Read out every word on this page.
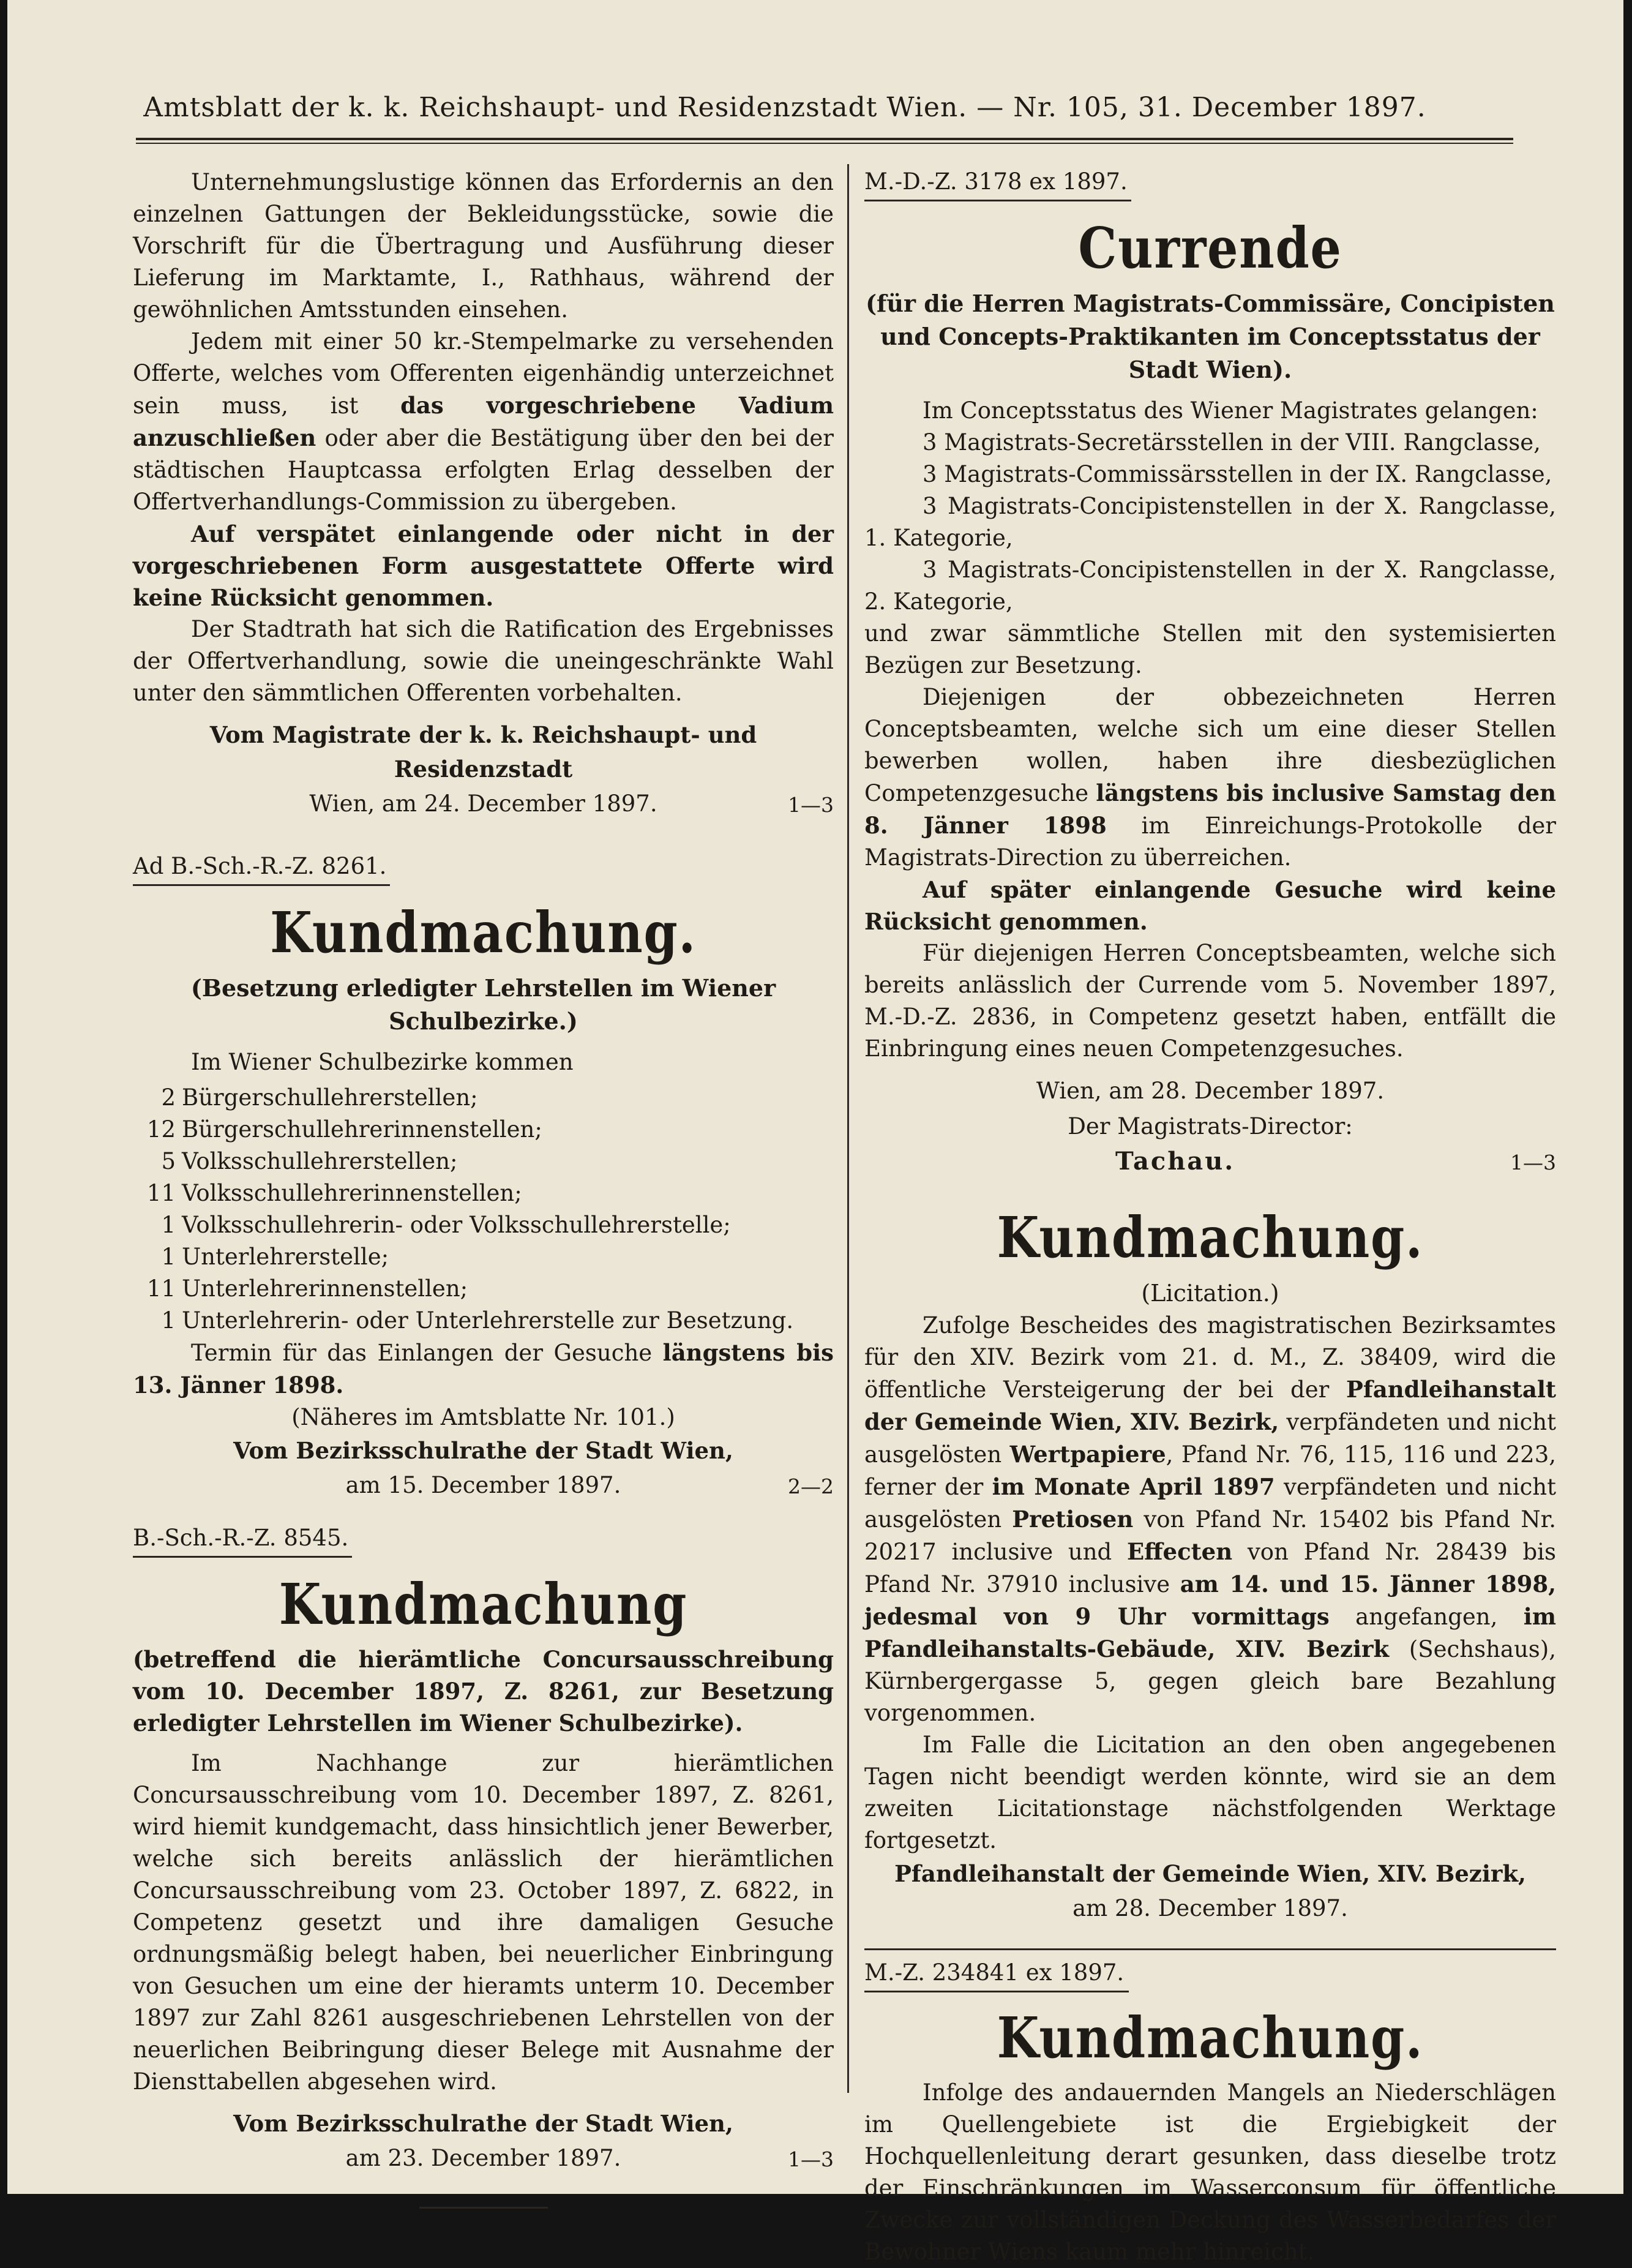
Amtsblatt der k. k. Reichshaupt- und Residenzstadt Wien. — Nr. 105, 31. December 1897.

Unternehmungslustige können das Erfordernis an den einzelnen Gattungen der Bekleidungsstücke, sowie die Vorschrift für die Übertragung und Ausführung dieser Lieferung im Marktamte, I., Rathhaus, während der gewöhnlichen Amtsstunden einsehen.

Jedem mit einer 50 kr.-Stempelmarke zu versehenden Offerte, welches vom Offerenten eigenhändig unterzeichnet sein muss, ist das vorgeschriebene Vadium anzuschließen oder aber die Bestätigung über den bei der städtischen Hauptcassa erfolgten Erlag desselben der Offertverhandlungs-Commission zu übergeben.

Auf verspätet einlangende oder nicht in der vorgeschriebenen Form ausgestattete Offerte wird keine Rücksicht genommen.

Der Stadtrath hat sich die Ratification des Ergebnisses der Offertverhandlung, sowie die uneingeschränkte Wahl unter den sämmtlichen Offerenten vorbehalten.

Vom Magistrate der k. k. Reichshaupt- und Residenzstadt

Wien, am 24. December 1897.	1—3
Ad B.-Sch.-R.-Z. 8261.
Kundmachung.

(Besetzung erledigter Lehrstellen im Wiener Schulbezirke.)

Im Wiener Schulbezirke kommen

2 Bürgerschullehrerstellen;
12 Bürgerschullehrerinnenstellen;
5 Volksschullehrerstellen;
11 Volksschullehrerinnenstellen;
1 Volksschullehrerin- oder Volksschullehrerstelle;
1 Unterlehrerstelle;
11 Unterlehrerinnenstellen;
1 Unterlehrerin- oder Unterlehrerstelle zur Besetzung.

Termin für das Einlangen der Gesuche längstens bis 13. Jänner 1898.

(Näheres im Amtsblatte Nr. 101.)

Vom Bezirksschulrathe der Stadt Wien,

am 15. December 1897.	2—2
B.-Sch.-R.-Z. 8545.
Kundmachung

(betreffend die hierämtliche Concursausschreibung vom 10. December 1897, Z. 8261, zur Besetzung erledigter Lehrstellen im Wiener Schulbezirke).

Im Nachhange zur hierämtlichen Concursausschreibung vom 10. December 1897, Z. 8261, wird hiemit kundgemacht, dass hinsichtlich jener Bewerber, welche sich bereits anlässlich der hierämtlichen Concursausschreibung vom 23. October 1897, Z. 6822, in Competenz gesetzt und ihre damaligen Gesuche ordnungsmäßig belegt haben, bei neuerlicher Einbringung von Gesuchen um eine der hieramts unterm 10. December 1897 zur Zahl 8261 ausgeschriebenen Lehrstellen von der neuerlichen Beibringung dieser Belege mit Ausnahme der Diensttabellen abgesehen wird.

Vom Bezirksschulrathe der Stadt Wien,

am 23. December 1897.	1—3
M.-D.-Z. 3178 ex 1897.
Currende

(für die Herren Magistrats-Commissäre, Concipisten und Concepts-Praktikanten im Conceptsstatus der Stadt Wien).

Im Conceptsstatus des Wiener Magistrates gelangen:

3 Magistrats-Secretärsstellen in der VIII. Rangclasse,

3 Magistrats-Commissärsstellen in der IX. Rangclasse,

3 Magistrats-Concipistenstellen in der X. Rangclasse, 1. Kategorie,

3 Magistrats-Concipistenstellen in der X. Rangclasse, 2. Kategorie,

und zwar sämmtliche Stellen mit den systemisierten Bezügen zur Besetzung.

Diejenigen der obbezeichneten Herren Conceptsbeamten, welche sich um eine dieser Stellen bewerben wollen, haben ihre diesbezüglichen Competenzgesuche längstens bis inclusive Samstag den 8. Jänner 1898 im Einreichungs-Protokolle der Magistrats-Direction zu überreichen.

Auf später einlangende Gesuche wird keine Rücksicht genommen.

Für diejenigen Herren Conceptsbeamten, welche sich bereits anlässlich der Currende vom 5. November 1897, M.-D.-Z. 2836, in Competenz gesetzt haben, entfällt die Einbringung eines neuen Competenzgesuches.

Wien, am 28. December 1897.

Der Magistrats-Director:

Tachau.	1—3
Kundmachung.

(Licitation.)

Zufolge Bescheides des magistratischen Bezirksamtes für den XIV. Bezirk vom 21. d. M., Z. 38409, wird die öffentliche Versteigerung der bei der Pfandleihanstalt der Gemeinde Wien, XIV. Bezirk, verpfändeten und nicht ausgelösten Wertpapiere, Pfand Nr. 76, 115, 116 und 223, ferner der im Monate April 1897 verpfändeten und nicht ausgelösten Pretiosen von Pfand Nr. 15402 bis Pfand Nr. 20217 inclusive und Effecten von Pfand Nr. 28439 bis Pfand Nr. 37910 inclusive am 14. und 15. Jänner 1898, jedesmal von 9 Uhr vormittags angefangen, im Pfandleihanstalts-Gebäude, XIV. Bezirk (Sechshaus), Kürnbergergasse 5, gegen gleich bare Bezahlung vorgenommen.

Im Falle die Licitation an den oben angegebenen Tagen nicht beendigt werden könnte, wird sie an dem zweiten Licitationstage nächstfolgenden Werktage fortgesetzt.

Pfandleihanstalt der Gemeinde Wien, XIV. Bezirk,

am 28. December 1897.

M.-Z. 234841 ex 1897.
Kundmachung.

Infolge des andauernden Mangels an Niederschlägen im Quellengebiete ist die Ergiebigkeit der Hochquellenleitung derart gesunken, dass dieselbe trotz der Einschränkungen im Wasserconsum für öffentliche Zwecke zur vollständigen Deckung des Wasserbedarfes der Bewohner Wiens kaum mehr hinreicht.
